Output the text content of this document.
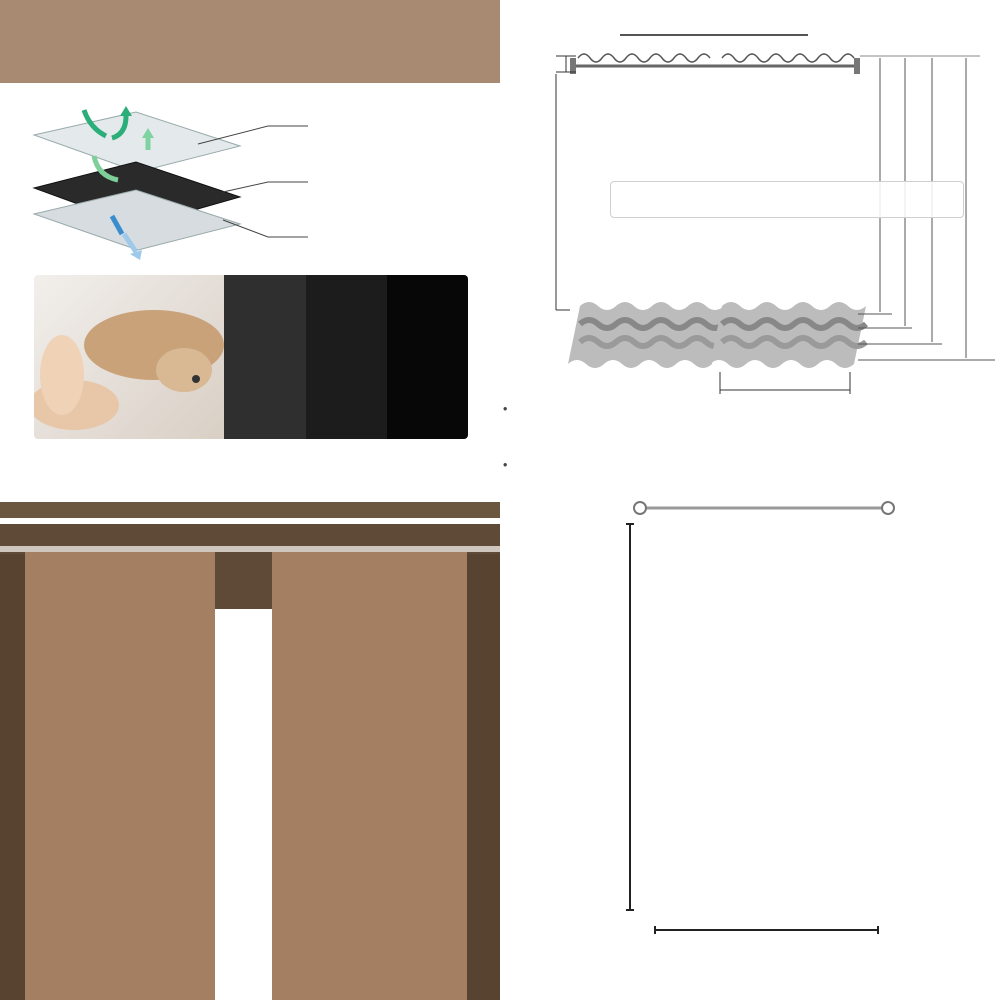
•

•
